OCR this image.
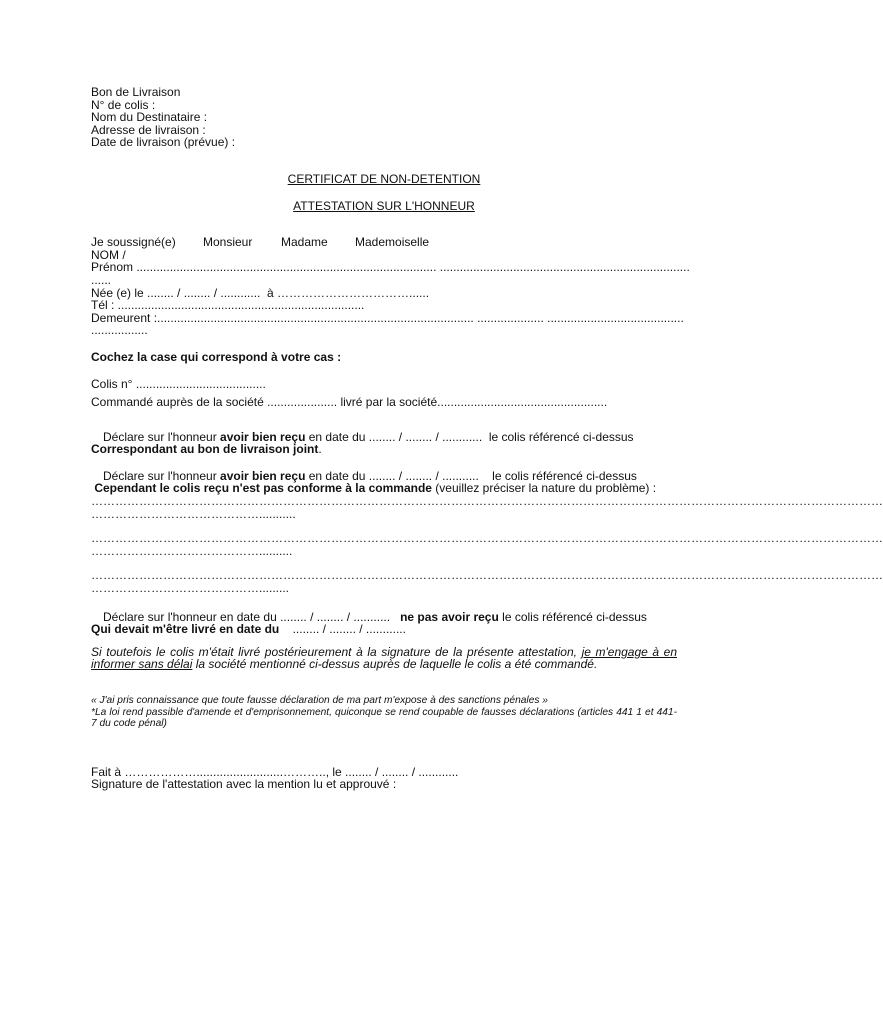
Bon de Livraison
N° de colis :
Nom du Destinataire :
Adresse de livraison :
Date de livraison (prévue) :
CERTIFICAT DE NON-DETENTION
ATTESTATION SUR L'HONNEUR
Je soussigné(e) Monsieur Madame Mademoiselle
NOM /
Prénom .......................................................................................... ...........................................................................
......
Née (e) le ........ / ........ / ............  à ……………………………......
Tél : ..........................................................................
Demeurent :............................................................................................... .................... .........................................
.................
Cochez la case qui correspond à votre cas :
Colis n° .......................................
Commandé auprès de la société ..................... livré par la société...................................................
Déclare sur l'honneur avoir bien reçu en date du ........ / ........ / ............  le colis référencé ci-dessus
Correspondant au bon de livraison joint.
Déclare sur l'honneur avoir bien reçu en date du ........ / ........ / ...........    le colis référencé ci-dessus
Cependant le colis reçu n'est pas conforme à la commande (veuillez préciser la nature du problème) :
………………………………………………………………………………………………………………………………………………………………………………
……………………………………...........
………………………………………………………………………………………………………………………………………………………………………………
……………………………………..........
………………………………………………………………………………………………………………………………………………………………………………
…………………………………….........
Déclare sur l'honneur en date du ........ / ........ / ...........   ne pas avoir reçu le colis référencé ci-dessus
Qui devait m'être livré en date du    ........ / ........ / ............
Si toutefois le colis m'était livré postérieurement à la signature de la présente attestation, je m'engage à en informer sans délai la société mentionné ci-dessus auprès de laquelle le colis a été commandé.
« J'ai pris connaissance que toute fausse déclaration de ma part m'expose à des sanctions pénales »
*La loi rend passible d'amende et d'emprisonnement, quiconque se rend coupable de fausses déclarations (articles 441 1 et 441-7 du code pénal)
Fait à ………………..........................……….., le ........ / ........ / ............
Signature de l'attestation avec la mention lu et approuvé :
